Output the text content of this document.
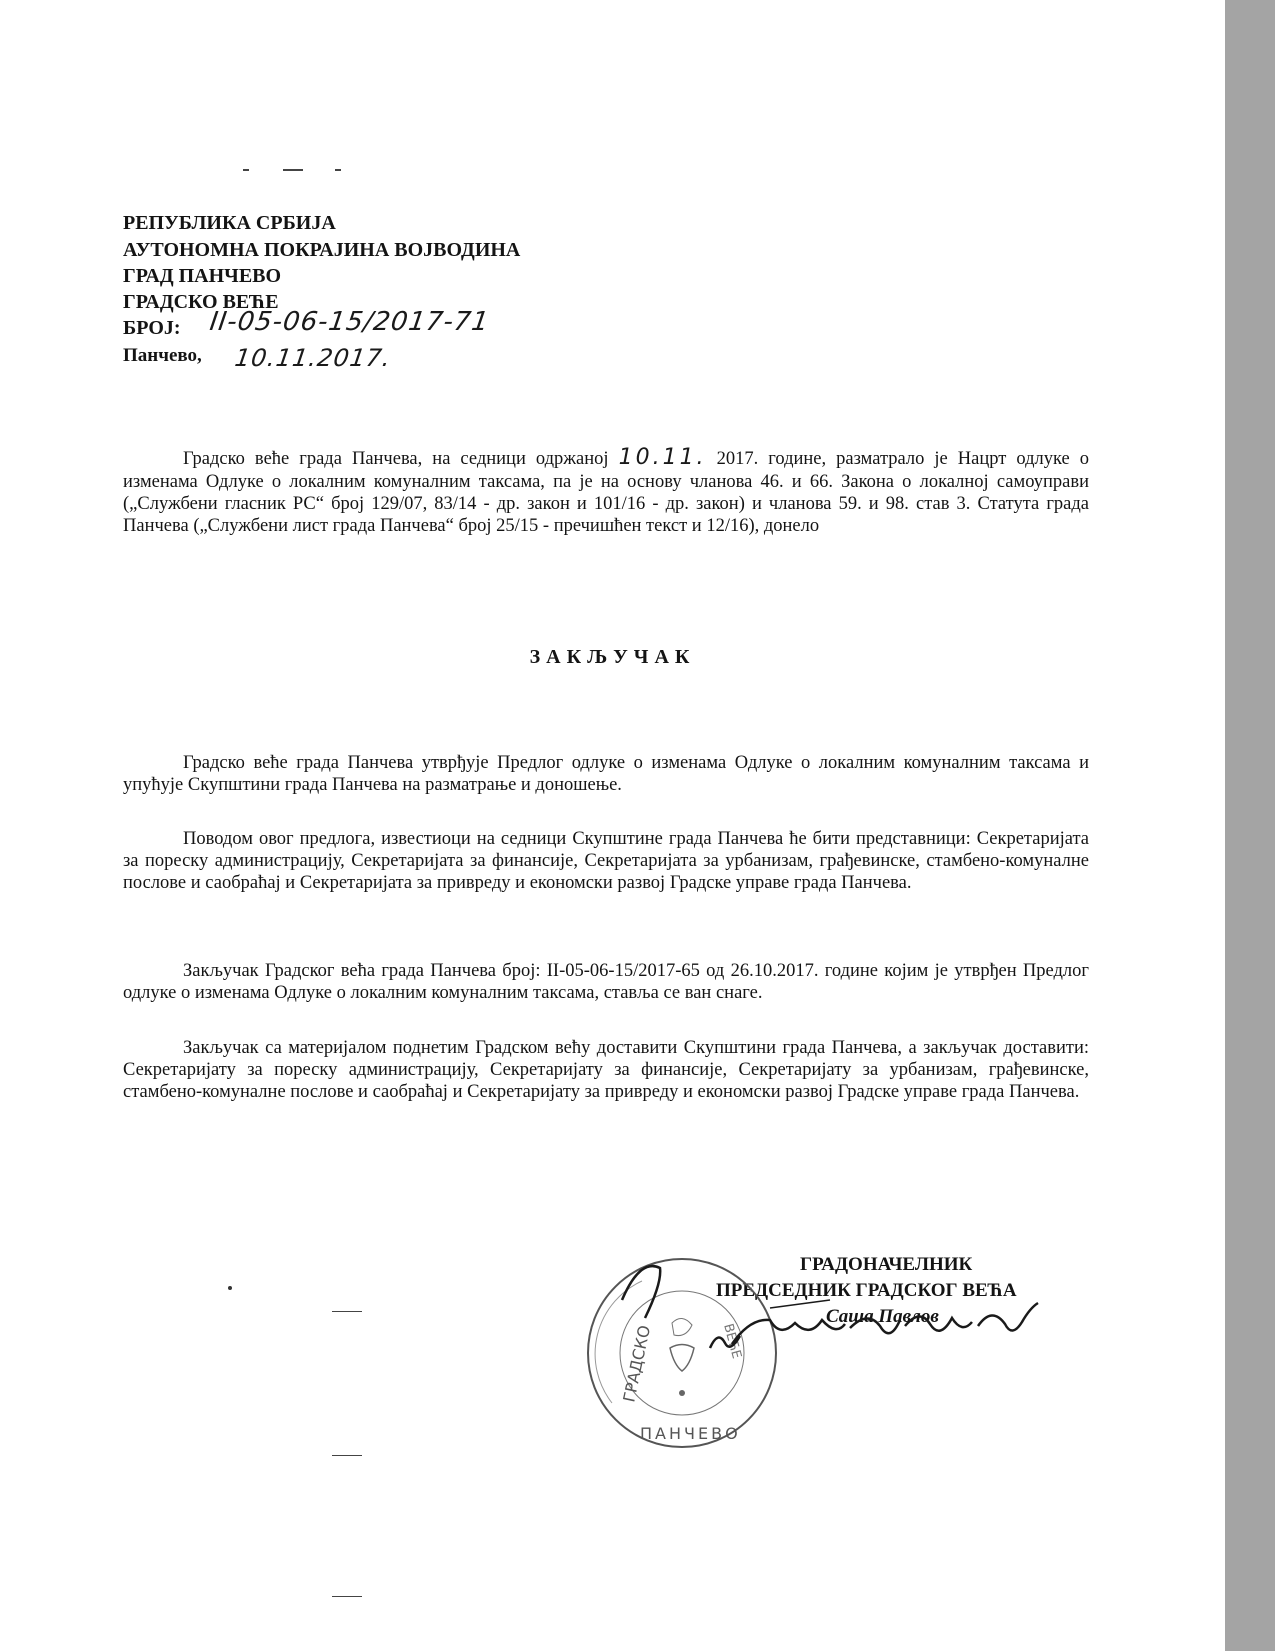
РЕПУБЛИКА СРБИЈА
АУТОНОМНА ПОКРАЈИНА ВОЈВОДИНА
ГРАД ПАНЧЕВО
ГРАДСКО ВЕЋЕ
БРОЈ: II-05-06-15/2017-71
Панчево, 10.11.2017.

Градско веће града Панчева, на седници одржаној 10.11. 2017. године, разматрало је Нацрт одлуке о изменама Одлуке о локалним комуналним таксама, па је на основу чланова 46. и 66. Закона о локалној самоуправи („Службени гласник РС“ број 129/07, 83/14 - др. закон и 101/16 - др. закон) и чланова 59. и 98. став 3. Статута града Панчева („Службени лист града Панчева“ број 25/15 - пречишћен текст и 12/16), донело

ЗАКЉУЧАК

Градско веће града Панчева утврђује Предлог одлуке о изменама Одлуке о локалним комуналним таксама и упућује Скупштини града Панчева на разматрање и доношење.

Поводом овог предлога, известиоци на седници Скупштине града Панчева ће бити представници: Секретаријата за пореску администрацију, Секретаријата за финансије, Секретаријата за урбанизам, грађевинске, стамбено-комуналне послове и саобраћај и Секретаријата за привреду и економски развој Градске управе града Панчева.

Закључак Градског већа града Панчева број: II-05-06-15/2017-65 од 26.10.2017. године којим је утврђен Предлог одлуке о изменама Одлуке о локалним комуналним таксама, ставља се ван снаге.

Закључак са материјалом поднетим Градском већу доставити Скупштини града Панчева, а закључак доставити: Секретаријату за пореску администрацију, Секретаријату за финансије, Секретаријату за урбанизам, грађевинске, стамбено-комуналне послове и саобраћај и Секретаријату за привреду и економски развој Градске управе града Панчева.

ГРАДОНАЧЕЛНИК
ПРЕДСЕДНИК ГРАДСКОГ ВЕЋА
Саша Павлов
ГРАДСКО	ВЕЋЕ
ПАНЧЕВО
